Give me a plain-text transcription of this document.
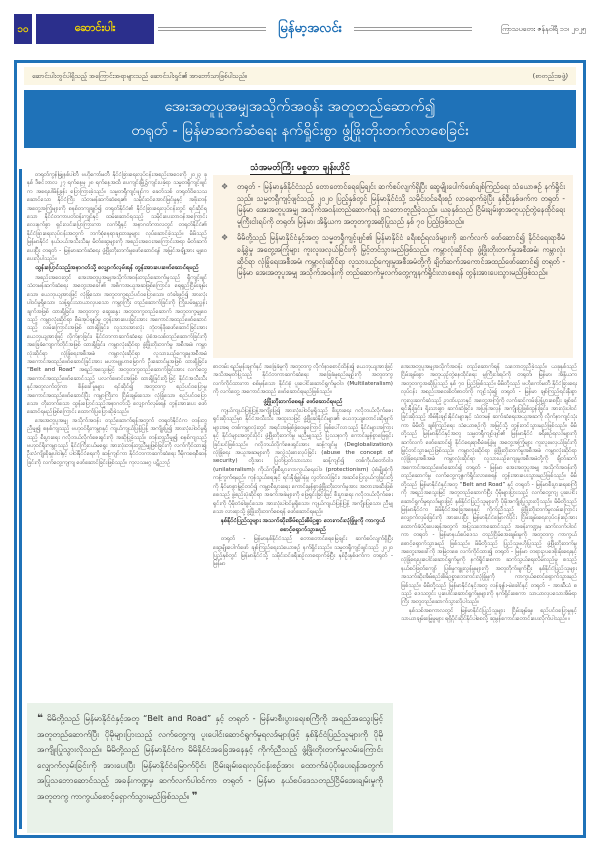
၁၀	ဆောင်းပါး	မြန်မာ့အလင်း	ကြာသပတေး ဇန်နဝါရီ ၁၁၊ ၂၀၂၅
ဆောင်းပါးတွင်ပါရှိသည့် အကြောင်းအရာများသည် ဆောင်းပါးရှင်၏ အာဘော်သာဖြစ်ပါသည်။	(စာတည်းအဖွဲ့)
အေးအတူပူအမျှအသိုက်အဝန်း အတူတည်ဆောက်၍
တရုတ် - မြန်မာဆက်ဆံရေး နက်ရှိုင်းစွာ ဖွံ့ဖြိုးတိုးတက်လာစေခြင်း
သံအမတ်ကြီး မစ္စတာ ချန်းဟိုင်

တရုတ်ကွန်မြူနစ်ပါတီ ဗဟိုကော်မတီ နိုင်ငံခြားရေးလုပ်ငန်းအစည်းအဝေးကို ၂၀၂၃ ခုနှစ် ဒီဇင်ဘာလ ၂၇ ရက်နေ့မှ ၂၈ ရက်နေ့အထိ ပေကျင်းမြို့၌ကျင်းပခဲ့ရာ သမ္မတရှီကျင့်ဖျင်က အရေးပါမိန့်ခွန်း ပြောကြားခဲ့သည်။ သမ္မတရှီကျင့်ဖျင်က ခေတ်သစ် တရုတ်ဝိသေသ ဆောင်သော နိုင်ငံကြီး သံတမန်ဆက်ဆံရေး၏ သမိုင်းဝင်အောင်မြင်မှုနှင့် အဖိုးတန်အတွေ့အကြုံများကို စနစ်တကျချုပ်၍ တရုတ်နိုင်ငံ၏ နိုင်ငံခြားရေးလုပ်ငန်းတွင် ရင်ဆိုင်ရသော နိုင်ငံတကာပတ်ဝန်းကျင်နှင့် ထမ်းဆောင်ရသည့် သမိုင်းပေးတာဝန်အကြောင်း လေးနက်စွာ ရှင်းလင်းပြောကြားကာ လက်ရှိနှင့် အနာဂတ်ကာလတွင် တရုတ်နိုင်ငံ၏ နိုင်ငံခြားရေးလုပ်ငန်းအတွက် ဘက်စုံနေရာချထားမှုများ လုပ်ဆောင်ခဲ့သည်။ မိမိသည် မြန်မာနိုင်ငံ နယ်ပယ်အသီးသီးမှ မိတ်ဆွေများကို အစည်းအဝေးအကြောင်းအရာ မိတ်ဆက်ပေးပြီး တရုတ် - မြန်မာဆက်ဆံရေး ဖွံ့ဖြိုးတိုးတက်မှုဖော်ဆောင်ရန် အမြင်အချို့အား မျှဝေပေးလိုပါသည်။

ထွန်းပြောင်သည့်အနာဂတ်သို့ လျှောက်လှမ်းရန် တွန်းအားပေးဖော်ဆောင်ရမည်

အစည်းအဝေးတွင် အေးအတူပူအမျှအသိုက်အဝန်းတည်ဆောက်မှုသည် ရှီကျင့်ဖျင် သံတမန်ဆက်ဆံရေး အတွေးအခေါ်၏ အဓိကအယူအဆဖြစ်ကြောင်း၊ ရေရှည်ငြိမ်းချမ်းသော၊ ယေဘုယျအားဖြင့် လုံခြုံသော၊ အတူတကွစည်ပင်ဝပြောသော၊ တံခါးဖွင့်၍ အားလုံးပါဝင်မှုရှိသော၊ သန့်ရှင်းသာယာလှပသော ကမ္ဘာကြီး တည်ဆောက်ခြင်းကို ကြိုးပမ်းမှုညွှန်းချက်အဖြစ် ထားရှိခြင်း၊ အတူတကွ ဆွေးနွေး အတူတကွတည်ဆောက် အတူတကွမျှဝေသည့် ကမ္ဘာလုံးဆိုင်ရာ စီမံအုပ်ချုပ်မှု တွန်းအားပေးခြင်းအား အကောင်အထည်ဖော်ဆောင်သည့် လမ်းကြောင်းအဖြစ် ထားရှိခြင်း၊ လူသားအားလုံး ဘုံတန်ဖိုးဖော်ဆောင်ခြင်းအား ယေဘုယျအားဖြင့် လိုက်နာခြင်း၊ နိုင်ငံတကာဆက်ဆံရေး ပုံစံအသစ်တည်ဆောက်ခြင်းကို အခြေခံကျောက်တိုင်အဖြစ် ထားရှိခြင်း၊ ကမ္ဘာလုံးဆိုင်ရာ ဖွံ့ဖြိုးတိုးတက်မှု အစီအမံ၊ ကမ္ဘာလုံးဆိုင်ရာ လုံခြုံရေးအစီအမံ၊ ကမ္ဘာလုံးဆိုင်ရာ လူသားယဉ်ကျေးမှုအစီအမံ အကောင်အထည်ဖော်ဆောင်ခြင်းအား မဟာဗျူဟာမြောက် ဦးဆောင်မှုအဖြစ် ထားရှိခြင်း၊ “Belt and Road” အရည်အသွေးမြင့် အတူတကွတည်ဆောက်ခြင်းအား လက်တွေ့အကောင်အထည်ဖော်ဆောင်သည့် ပလက်ဖောင်းအဖြစ် ထားရှိခြင်းတို့ဖြင့် နိုင်ငံအသီးသီးနှင့်အတူလက်တွဲကာ စိန်ခေါ်မှုများ ရင်ဆိုင်၍ အတူတကွ စည်ပင်ဝပြောမှု အကောင်အထည်ဖော်ဆောင်ပြီး ကမ္ဘာကြီးက ငြိမ်းချမ်းသော၊ လုံခြုံသော၊ စည်ပင်ဝပြောသော၊ တိုးတက်သော ထွန်းပြောင်သည့်အနာဂတ်သို့ လျှောက်လှမ်းရန် တွန်းအားပေး ဖော်ဆောင်ရမည်ဖြစ်ကြောင်း ထောက်ပြပြောဆိုခဲ့သည်။

အေးအတူပူအမျှ အသိုက်အဝန်း တည်ဆောက်ရန်အတွက် တရုတ်နိုင်ငံက တန်းတူညီမျှ၍ စနစ်ကျသည့် ဗဟုဝင်ရိုးကမ္ဘာနှင့် ကျယ်ကျယ်ပြန့်ပြန့် အကျိုးပြု၍ အားလုံးပါဝင်မှုရှိသည့် စီးပွားရေး ဂလိုဘယ်လိုက်ဇေးရှင်းကို အဆိုပြုခဲ့သည်။ တန်းတူညီမျှ၍ စနစ်ကျသည့် ဗဟုဝင်ရိုးကမ္ဘာသည် နိုင်ငံကြီးငယ်မရွေး အားလုံးတန်းတူညီမျှဖြစ်ခြင်းကို လက်ကိုင်ထား၍ ဦးလံကျိုးစိုးမှုပါဝါနှင့် ပါဝါနိုင်ငံရေးကို ဆန့်ကျင်ကာ နိုင်ငံတကာဆက်ဆံရေး ဒီမိုကရေစီဆန်ခြင်းကို လက်တွေ့ကျကျ ဖော်ဆောင်ခြင်းဖြစ်သည်။ ကုလသမဂ္ဂ ပဋိညာဉ်

❖	တရုတ် - မြန်မာနှစ်နိုင်ငံသည် တောတောင်ရေမြေချင်း ဆက်စပ်လျက်ရှိပြီး ဆွေမျိုးပေါက်ဖော်ချစ်ကြည်ရေး သံယောဇဉ် နက်ရှိုင်းသည်။ သမ္မတရှီကျင့်ဖျင်သည် ၂၀၂၀ ပြည့်နှစ်တွင် မြန်မာနိုင်ငံသို့ သမိုင်းဝင်ခရီးစဉ် လာရောက်ခဲ့ပြီး နှစ်ဦးနှစ်ဖက်က တရုတ် - မြန်မာ အေးအတူပူအမျှ အသိုက်အဝန်းတည်ဆောက်ရန် သဘောတူညီခဲ့သည်။ ယခုနှစ်သည် ငြိမ်းချမ်းစွာအတူယှဉ်တွဲနေထိုင်ရေး မူကြီးငါးရပ်ကို တရုတ်၊ မြန်မာ၊ အိန္ဒိယက အတူတကွအဆိုပြုသည် နှစ် ၇၀ ပြည့်ဖြစ်သည်။
❖	မိမိတို့သည် မြန်မာနိုင်ငံနှင့်အတူ သမ္မတရှီကျင့်ဖျင်၏ မြန်မာနိုင်ငံ ခရီးစဉ်ရလဒ်များကို ဆက်လက် ဖော်ဆောင်၍ နိုင်ငံရေးရာစီမံခန့်ခွဲမှု အတွေ့အကြုံများ ကူးလူးဖလှယ်ခြင်းကို မြှင့်တင်သွားမည်ဖြစ်သည်။ ကမ္ဘာလုံးဆိုင်ရာ ဖွံ့ဖြိုးတိုးတက်မှုအစီအမံ၊ ကမ္ဘာလုံးဆိုင်ရာ လုံခြုံရေးအစီအမံ၊ ကမ္ဘာလုံးဆိုင်ရာ လူသားယဉ်ကျေးမှုအစီအမံတို့ကို ချိတ်ဆက်အကောင်အထည်ဖော်ဆောင်၍ တရုတ် - မြန်မာ အေးအတူပူအမျှ အသိုက်အဝန်းကို တည်ဆောက်မှုလက်တွေ့ကျနက်ရှိုင်းလာစေရန် တွန်းအားပေးသွားမည်ဖြစ်သည်။

စာတမ်း ရည်မှန်းချက်နှင့် အခြေခံမူကို အတူတကွ လိုက်နာစောင့်ထိန်း၍ ယေဘုယျအားဖြင့် အသိအမှတ်ပြုသည့် နိုင်ငံတကာဆက်ဆံရေး အခြေခံမူစည်းမျဉ်းကို အတူတကွလက်ကိုင်ထားကာ စစ်မှန်သော နိုင်ငံစုံ ပူးပေါင်းဆောင်ရွက်မှုဝါဒ (Multilateralism) ကို လက်တွေ့ အကောင်အထည် ဖော်ဆောင်ရမည်ဖြစ်သည်။

ဖွံ့ဖြိုးတိုးတက်စေရန် ဖော်ဆောင်ရမည်

ကျယ်ကျယ်ပြန့်ပြန့်အကျိုးပြု၍ အားလုံးပါဝင်မှုရှိသည့် စီးပွားရေး ဂလိုဘယ်လိုက်ဇေးရှင်းဆိုသည်မှာ နိုင်ငံအသီးသီး အထူးသဖြင့် ဖွံ့ဖြိုးဆဲနိုင်ငံများ၏ ယေဘုယျတောင်းဆိုချက်များအရ တစ်ကမ္ဘာလုံးတွင် အရင်းအမြစ်ခွဲဝေမှုကြောင့် ဖြစ်ပေါ်လာသည့် နိုင်ငံများအကြားနှင့် နိုင်ငံများအတွင်းပိုင်း ဖွံ့ဖြိုးတိုးတက်မှု မညီမျှသည့် ပြဿနာကို ကောင်းမွန်စွာဖြေရှင်းခြင်းပင်ဖြစ်သည်။ ဂလိုဘယ်လိုက်ဇေးရှင်းအား ဆန့်ကျင်မှု (Deglobalization)၊ လုံခြုံရေး အယူအဆများကို အလွဲသုံးစားလုပ်ခြင်း (abuse the concept of security) တို့အား ပြတ်ပြတ်သားသား ဆန့်ကျင်၍ တစ်ကိုယ်တော်ဝါဒ (unilateralism)၊ ကိုယ်ကျိုးစီးပွားကာကွယ်ရေးဝါဒ (protectionism) ပုံစံမျိုးစုံကို ကန့်ကွက်ရမည်။ ကုန်သွယ်ရေးနှင့် ရင်းနှီးမြှုပ်နှံမှု လွတ်လပ်ခြင်း၊ အဆင်ပြေလွယ်ကူခြင်းတို့ကို နိုင်မာစွာမြှင့်တင်၍ ကမ္ဘာ့စီးပွားရေး ကောင်းမွန်စွာဖွံ့ဖြိုးတိုးတက်မှုအား အတားအဆီးဖြစ်စေသည့် ဖွဲ့စည်းပုံဆိုင်ရာ အခက်အခဲများကို ဖြေရှင်းခြင်းဖြင့် စီးပွားရေး ဂလိုဘယ်လိုက်ဇေးရှင်းကို ပိုမိုတံခါးဖွင့်သော၊ အားလုံးပါဝင်မှုရှိသော၊ ကျယ်ကျယ်ပြန့်ပြန့် အကျိုးပြုသော၊ ညီမျှသော လားရာသို့ ဖွံ့ဖြိုးတိုးတက်စေရန် ဖော်ဆောင်ရမည်။

နှစ်နိုင်ငံပြည်သူများ အသက်ဆိုးအိမ်စည်းစိမ်ဥစ္စာ ဘေးကင်းလုံခြုံမှုကို ကာကွယ်စောင့်ရှောက်သွားမည်

တရုတ် - မြန်မာနှစ်နိုင်ငံသည် တောတောင်ရေမြေချင်း ဆက်စပ်လျက်ရှိပြီး ဆွေမျိုးပေါက်ဖော် ချစ်ကြည်ရေးသံယောဇဉ် နက်ရှိုင်းသည်။ သမ္မတရှီကျင့်ဖျင်သည် ၂၀၂၀ ပြည့်နှစ်တွင် မြန်မာနိုင်ငံသို့ သမိုင်းဝင်ခရီးစဉ်လာရောက်ခဲ့ပြီး နှစ်ဦးနှစ်ဖက်က တရုတ် - မြန်မာ

အေးအတူပူအမျှအသိုက်အဝန်း တည်ဆောက်ရန် သဘောတူညီခဲ့သည်။ ယခုနှစ်သည် ငြိမ်းချမ်းစွာ အတူယှဉ်တွဲနေထိုင်ရေး မူကြီးငါးရပ်ကို တရုတ်၊ မြန်မာ၊ အိန္ဒိယက အတူတကွအဆိုပြုသည့် နှစ် ၇၀ ပြည့်ဖြစ်သည်။ မိမိတို့သည် ဗဟိုကော်မတီ နိုင်ငံခြားရေးလုပ်ငန်း အစည်းအဝေးစိတ်ဓာတ်ကို ကျင့်သုံး၍ တရုတ် - မြန်မာ ချစ်ကြည်ရင်းနှီးစွာ ကူးလူးဆက်ဆံသည့် ဥာဏ်ပညာနှင့် အတွေ့အကြုံကို လက်ဆင့်ကမ်းပြန့်ပွားစေပြီး ချစ်ခင်ရင်းနှီးခြင်း၊ ရိုးသားစွာ ဆက်ဆံခြင်း၊ အပြန်အလှန် အကျိုးပြုဖြစ်ထွန်းခြင်း၊ အားလုံးပါဝင်ခြင်းဆိုသည့် အိမ်နီးချင်းနိုင်ငံများနှင့် သံတမန် ဆက်ဆံရေးအယူအဆကို လိုက်နာကျင့်သုံးကာ မိမိတို့ ချစ်ကြည်ရေး သံယောဇဉ်ကို အမြင့်သို့ တွန်းတင်သွားမည်ဖြစ်သည်။ မိမိတို့သည် မြန်မာနိုင်ငံနှင့်အတူ သမ္မတရှီကျင့်ဖျင်၏ မြန်မာနိုင်ငံ ခရီးစဉ်ရလဒ်များကို ဆက်လက် ဖော်ဆောင်၍ နိုင်ငံရေးရာစီမံခန့်ခွဲမှု အတွေ့အကြုံများ ကူးလူးဖလှယ်ခြင်းကို မြှင့်တင်သွားမည်ဖြစ်သည်။ ကမ္ဘာလုံးဆိုင်ရာ ဖွံ့ဖြိုးတိုးတက်မှုအစီအမံ၊ ကမ္ဘာလုံးဆိုင်ရာ လုံခြုံရေးအစီအမံ၊ ကမ္ဘာလုံးဆိုင်ရာ လူသားယဉ်ကျေးမှုအစီအမံတို့ကို ချိတ်ဆက် အကောင်အထည်ဖော်ဆောင်၍ တရုတ် - မြန်မာ အေးအတူပူအမျှ အသိုက်အဝန်းကို တည်ဆောက်မှု လက်တွေ့ကျနက်ရှိုင်းလာစေရန် တွန်းအားပေးသွားမည်ဖြစ်သည်။ မိမိတို့သည် မြန်မာနိုင်ငံနှင့်အတူ “Belt and Road” နှင့် တရုတ် - မြန်မာစီးပွားရေးစင်္ကြံကို အရည်အသွေးမြင့် အတူတည်ဆောက်ပြီး ပိုမိုများပြားသည့် လက်တွေ့ကျ ပူးပေါင်းဆောင်ရွက်မှုရလဒ်များဖြင့် နှစ်နိုင်ငံပြည်သူများကို ပိုမိုအကျိုးပြုသွားလိုသည်။ မိမိတို့သည် မြန်မာနိုင်ငံက မိမိနိုင်ငံအခြေအနေနှင့် ကိုက်ညီသည့် ဖွံ့ဖြိုးတိုးတက်မှုလမ်းကြောင်း လျှောက်လှမ်းခြင်းကို အားပေးပြီး မြန်မာနိုင်ငံမြောက်ပိုင်း ငြိမ်းချမ်းရေးလုပ်ငန်းစဉ်အား ထောက်ခံပံ့ပိုးပေးရန်အတွက် အပြုသဘောဆောင်သည့် အခန်းကဏ္ဍမှ ဆက်လက်ပါဝင်ကာ တရုတ် - မြန်မာနယ်စပ်ဒေသ တည်ငြိမ်အေးချမ်းမှုကို အတူတကွ ကာကွယ်စောင့်ရှောက်သွားမည် ဖြစ်သည်။ မိမိတို့သည် ပြည်သူဗဟိုပြုသည့် ဖွံ့ဖြိုးတိုးတက်မှု အတွေးအခေါ်ကို အမြဲတစေ လက်ကိုင်ထား၍ တရုတ် - မြန်မာ တရားဥပဒေစိုးမိုးရေးနှင့် လုံခြုံရေးပူးပေါင်းဆောင်ရွက်မှုကို နက်ရှိုင်းစေကာ ဆက်သွယ်ရေးလိမ်လည်မှု စသည့်နယ်စပ်ဖြတ်ကျော် ပြစ်မှုကျူးလွန်မှုများကို အတူတိုက်ဖျက်ပြီး နှစ်နိုင်ငံပြည်သူများ အသက်ဆိုးအိမ်စည်းစိမ်ဥစ္စာဘေးကင်းလုံခြုံမှုကို ကာကွယ်စောင့်ရှောက်သွားမည်ဖြစ်သည်။ မိမိတို့သည် မြန်မာနိုင်ငံနှင့်အတူ လန်ချန်း-မဲခေါင်နှင့် တရုတ် - အာဆီယံ စသည့် ဒေသတွင်း ပူးပေါင်းဆောင်ရွက်မှုများကို နက်ရှိုင်းစေကာ သာယာလှပသောအိမ်ရာကြီး အတူတည်ဆောက်သွားလိုပါသည်။

နှစ်သစ်အစကာလတွင် မြန်မာနိုင်ငံပြည်သူများ ငြိမ်းချမ်းမှု၊ စည်ပင်ဝပြောမှုနှင့် သာယာချမ်းမြေ့မှုများ ရရှိပိုင်ဆိုင်နိုင်ပါစေလို့ ဆုမွန်ကောင်းတောင်းပေးလိုက်ပါသည်။ ။

❝ မိမိတို့သည် မြန်မာနိုင်ငံနှင့်အတူ “Belt and Road” နှင့် တရုတ် - မြန်မာစီးပွားရေးစင်္ကြံကို အရည်အသွေးမြင့် အတူတည်ဆောက်ပြီး ပိုမိုများပြားသည့် လက်တွေ့ကျ ပူးပေါင်းဆောင်ရွက်မှုရလဒ်များဖြင့် နှစ်နိုင်ငံပြည်သူများကို ပိုမိုအကျိုးပြုသွားလိုသည်။ မိမိတို့သည် မြန်မာနိုင်ငံက မိမိနိုင်ငံအခြေအနေနှင့် ကိုက်ညီသည့် ဖွံ့ဖြိုးတိုးတက်မှုလမ်းကြောင်း လျှောက်လှမ်းခြင်းကို အားပေးပြီး မြန်မာနိုင်ငံမြောက်ပိုင်း ငြိမ်းချမ်းရေးလုပ်ငန်းစဉ်အား ထောက်ခံပံ့ပိုးပေးရန်အတွက် အပြုသဘောဆောင်သည့် အခန်းကဏ္ဍမှ ဆက်လက်ပါဝင်ကာ တရုတ် - မြန်မာ နယ်စပ်ဒေသတည်ငြိမ်အေးချမ်းမှုကို အတူတကွ ကာကွယ်စောင့်ရှောက်သွားမည်ဖြစ်သည်။ ❞
